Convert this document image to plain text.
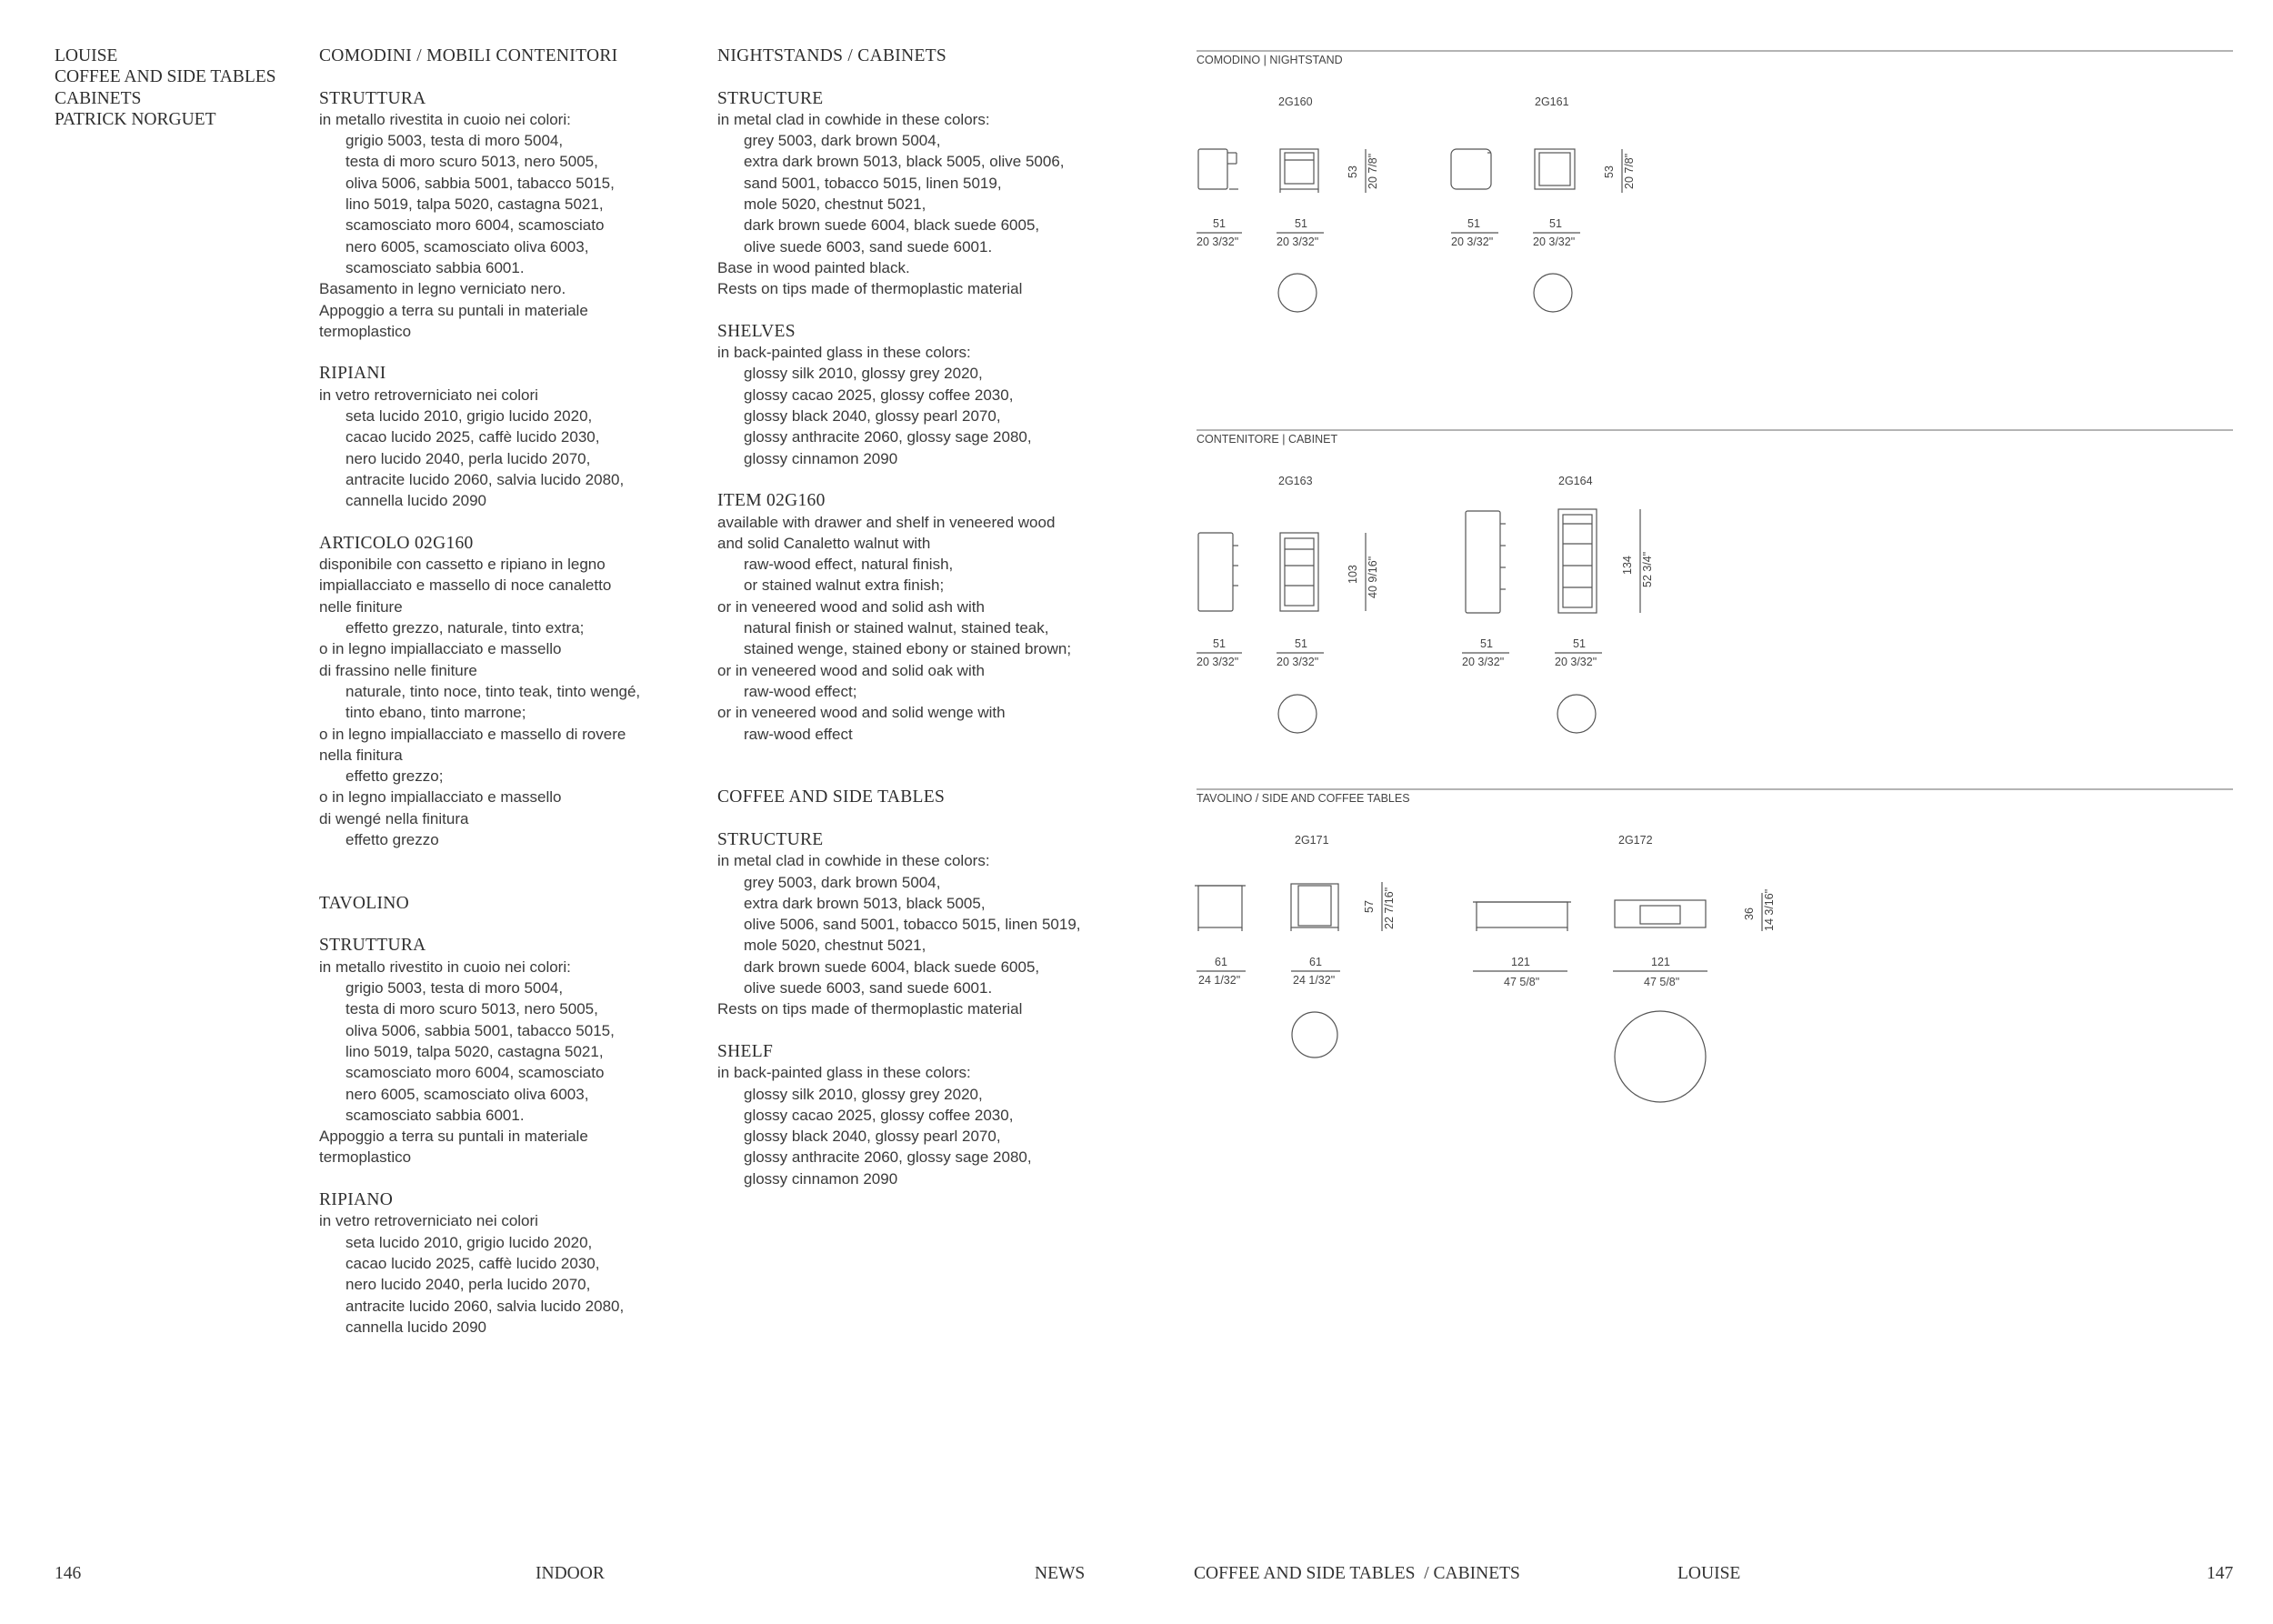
LOUISE

COFFEE AND SIDE TABLES

CABINETS

PATRICK NORGUET

COMODINI / MOBILI CONTENITORI

STRUTTURA

in metallo rivestita in cuoio nei colori:

grigio 5003, testa di moro 5004,

testa di moro scuro 5013, nero 5005,

oliva 5006, sabbia 5001, tabacco 5015,

lino 5019, talpa 5020, castagna 5021,

scamosciato moro 6004, scamosciato

nero 6005, scamosciato oliva 6003,

scamosciato sabbia 6001.

Basamento in legno verniciato nero.

Appoggio a terra su puntali in materiale

termoplastico

RIPIANI

in vetro retroverniciato nei colori

seta lucido 2010, grigio lucido 2020,

cacao lucido 2025, caffè lucido 2030,

nero lucido 2040, perla lucido 2070,

antracite lucido 2060, salvia lucido 2080,

cannella lucido 2090

ARTICOLO 02G160

disponibile con cassetto e ripiano in legno

impiallacciato e massello di noce canaletto

nelle finiture

effetto grezzo, naturale, tinto extra;

o in legno impiallacciato e massello

di frassino nelle finiture

naturale, tinto noce, tinto teak, tinto wengé,

tinto ebano, tinto marrone;

o in legno impiallacciato e massello di rovere

nella finitura

effetto grezzo;

o in legno impiallacciato e massello

di wengé nella finitura

effetto grezzo

TAVOLINO

STRUTTURA

in metallo rivestito in cuoio nei colori:

grigio 5003, testa di moro 5004,

testa di moro scuro 5013, nero 5005,

oliva 5006, sabbia 5001, tabacco 5015,

lino 5019, talpa 5020, castagna 5021,

scamosciato moro 6004, scamosciato

nero 6005, scamosciato oliva 6003,

scamosciato sabbia 6001.

Appoggio a terra su puntali in materiale

termoplastico

RIPIANO

in vetro retroverniciato nei colori

seta lucido 2010, grigio lucido 2020,

cacao lucido 2025, caffè lucido 2030,

nero lucido 2040, perla lucido 2070,

antracite lucido 2060, salvia lucido 2080,

cannella lucido 2090

NIGHTSTANDS / CABINETS

STRUCTURE

in metal clad in cowhide in these colors:

grey 5003, dark brown 5004,

extra dark brown 5013, black 5005, olive 5006,

sand 5001, tobacco 5015, linen 5019,

mole 5020, chestnut 5021,

dark brown suede 6004, black suede 6005,

olive suede 6003, sand suede 6001.

Base in wood painted black.

Rests on tips made of thermoplastic material

SHELVES

in back-painted glass in these colors:

glossy silk 2010, glossy grey 2020,

glossy cacao 2025, glossy coffee 2030,

glossy black 2040, glossy pearl 2070,

glossy anthracite 2060, glossy sage 2080,

glossy cinnamon 2090

ITEM 02G160

available with drawer and shelf in veneered wood

and solid Canaletto walnut with

raw-wood effect, natural finish,

or stained walnut extra finish;

or in veneered wood and solid ash with

natural finish or stained walnut, stained teak,

stained wenge, stained ebony or stained brown;

or in veneered wood and solid oak with

raw-wood effect;

or in veneered wood and solid wenge with

raw-wood effect

COFFEE AND SIDE TABLES

STRUCTURE

in metal clad in cowhide in these colors:

grey 5003, dark brown 5004,

extra dark brown 5013, black 5005,

olive 5006, sand 5001, tobacco 5015, linen 5019,

mole 5020, chestnut 5021,

dark brown suede 6004, black suede 6005,

olive suede 6003, sand suede 6001.

Rests on tips made of thermoplastic material

SHELF

in back-painted glass in these colors:

glossy silk 2010, glossy grey 2020,

glossy cacao 2025, glossy coffee 2030,

glossy black 2040, glossy pearl 2070,

glossy anthracite 2060, glossy sage 2080,

glossy cinnamon 2090

COMODINO | NIGHTSTAND
2G160	2G161
53 20 7/8"	53 20 7/8"
51
20 3/32"
51
20 3/32"
51
20 3/32"
51
20 3/32"
CONTENITORE | CABINET
2G163	2G164
103 40 9/16"	134 52 3/4"
51
20 3/32"
51
20 3/32"
51
20 3/32"
51
20 3/32"
TAVOLINO / SIDE AND COFFEE TABLES
2G171	2G172
57 22 7/16"	36 14 3/16"
61
24 1/32"
61
24 1/32"
121
47 5/8"
121
47 5/8"
146	INDOOR	NEWS	COFFEE AND SIDE TABLES  / CABINETS	LOUISE	147
